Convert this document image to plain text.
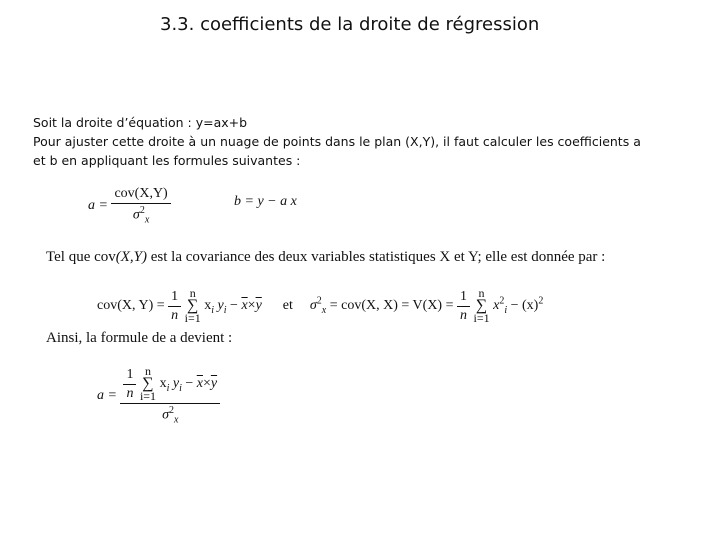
3.3. coefficients de la droite de régression
Soit la droite d’équation : y=ax+b
Pour ajuster cette droite à un nuage de points dans le plan (X,Y), il faut calculer les coefficients a
et b en appliquant les formules suivantes :
$a = \frac{\text{cov(X,Y)}}{\sigma^2_x}$	b = y − a x
Tel que cov(X,Y) est la covariance des deux variables statistiques X et Y; elle est donnée par :
cov(X, $Y) = \frac{1}{n}$
n
∑
i=1
$x_i$ $y_i - \overline{x}\times\overline{y}$ et $\sigma^2_x = cov(X$, $X) = V(X) = \frac{1}{n}$
n
∑
i=1
$x^2_i - (x)^2$
Ainsi, la formule de a devient :
$a = \frac{1}{n}$
n
∑
i=1
$x_i$ $y_i - \overline{x}\times\overline{y}$
$\sigma^2_x$
